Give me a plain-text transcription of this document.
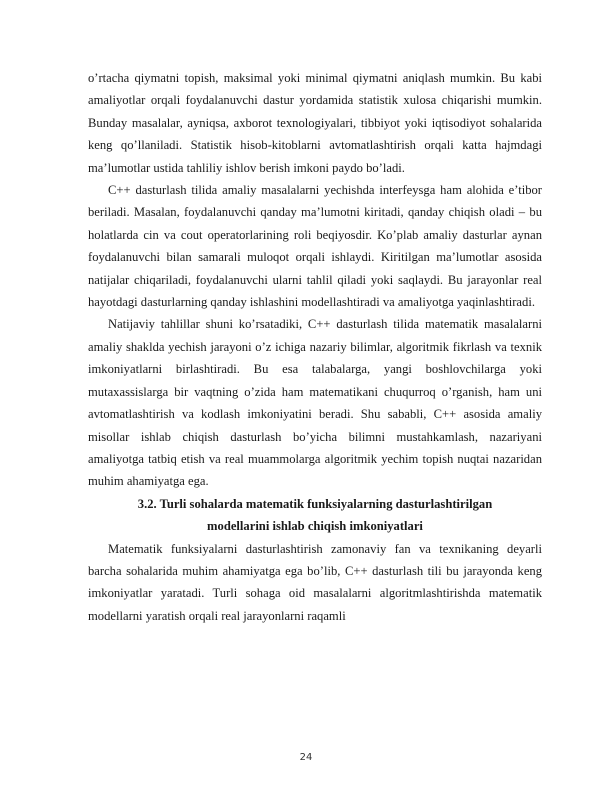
o’rtacha qiymatni topish, maksimal yoki minimal qiymatni aniqlash mumkin. Bu kabi amaliyotlar orqali foydalanuvchi dastur yordamida statistik xulosa chiqarishi mumkin. Bunday masalalar, ayniqsa, axborot texnologiyalari, tibbiyot yoki iqtisodiyot sohalarida keng qo’llaniladi. Statistik hisob-kitoblarni avtomatlashtirish orqali katta hajmdagi ma’lumotlar ustida tahliliy ishlov berish imkoni paydo bo’ladi.

C++ dasturlash tilida amaliy masalalarni yechishda interfeysga ham alohida e’tibor beriladi. Masalan, foydalanuvchi qanday ma’lumotni kiritadi, qanday chiqish oladi – bu holatlarda cin va cout operatorlarining roli beqiyosdir. Ko’plab amaliy dasturlar aynan foydalanuvchi bilan samarali muloqot orqali ishlaydi. Kiritilgan ma’lumotlar asosida natijalar chiqariladi, foydalanuvchi ularni tahlil qiladi yoki saqlaydi. Bu jarayonlar real hayotdagi dasturlarning qanday ishlashini modellashtiradi va amaliyotga yaqinlashtiradi.

Natijaviy tahlillar shuni ko’rsatadiki, C++ dasturlash tilida matematik masalalarni amaliy shaklda yechish jarayoni o’z ichiga nazariy bilimlar, algoritmik fikrlash va texnik imkoniyatlarni birlashtiradi. Bu esa talabalarga, yangi boshlovchilarga yoki mutaxassislarga bir vaqtning o’zida ham matematikani chuqurroq o’rganish, ham uni avtomatlashtirish va kodlash imkoniyatini beradi. Shu sababli, C++ asosida amaliy misollar ishlab chiqish dasturlash bo’yicha bilimni mustahkamlash, nazariyani amaliyotga tatbiq etish va real muammolarga algoritmik yechim topish nuqtai nazaridan muhim ahamiyatga ega.

3.2. Turli sohalarda matematik funksiyalarning dasturlashtirilgan
modellarini ishlab chiqish imkoniyatlari

Matematik funksiyalarni dasturlashtirish zamonaviy fan va texnikaning deyarli barcha sohalarida muhim ahamiyatga ega bo’lib, C++ dasturlash tili bu jarayonda keng imkoniyatlar yaratadi. Turli sohaga oid masalalarni algoritmlashtirishda matematik modellarni yaratish orqali real jarayonlarni raqamli

24
